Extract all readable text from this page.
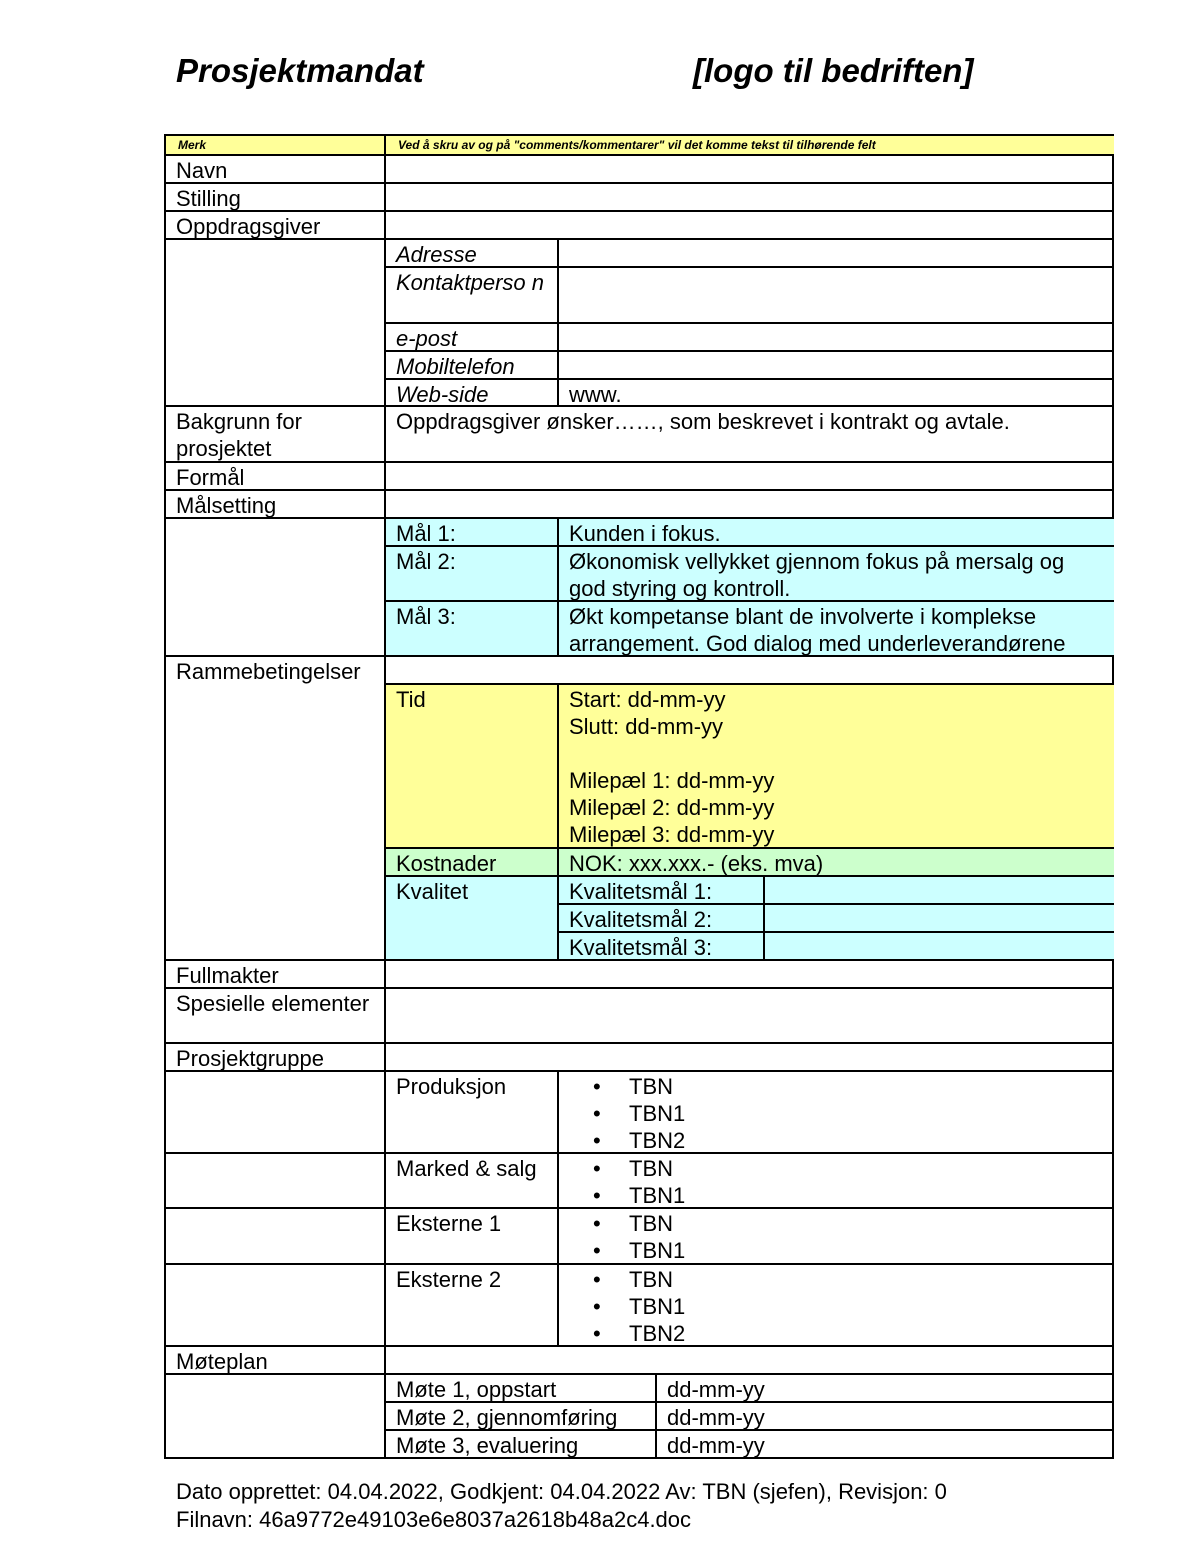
Prosjektmandat	[logo til bedriften]
Merk	Ved å skru av og på "comments/kommentarer" vil det komme tekst til tilhørende felt
Navn
Stilling
Oppdragsgiver
Adresse
Kontaktperso n
e-post
Mobiltelefon
Web-side	www.
Bakgrunn for prosjektet
Oppdragsgiver ønsker……, som beskrevet i kontrakt og avtale.
Formål
Målsetting
Mål 1:	Kunden i fokus.
Mål 2:	Økonomisk vellykket gjennom fokus på mersalg og god styring og kontroll.
Mål 3:	Økt kompetanse blant de involverte i komplekse arrangement. God dialog med underleverandørene
Rammebetingelser
Tid	Start: dd-mm-yy
Slutt: dd-mm-yy
Milepæl 1: dd-mm-yy
Milepæl 2: dd-mm-yy
Milepæl 3: dd-mm-yy
Kostnader	NOK: xxx.xxx.- (eks. mva)
Kvalitet	Kvalitetsmål 1:
Kvalitetsmål 2:
Kvalitetsmål 3:
Fullmakter
Spesielle elementer
Prosjektgruppe
Produksjon	• TBN
• TBN1
• TBN2
Marked & salg	• TBN
• TBN1
Eksterne 1	• TBN
• TBN1
Eksterne 2	• TBN
• TBN1
• TBN2
Møteplan
Møte 1, oppstart	dd-mm-yy
Møte 2, gjennomføring	dd-mm-yy
Møte 3, evaluering	dd-mm-yy
Dato opprettet: 04.04.2022, Godkjent: 04.04.2022 Av: TBN (sjefen), Revisjon: 0
Filnavn: 46a9772e49103e6e8037a2618b48a2c4.doc
